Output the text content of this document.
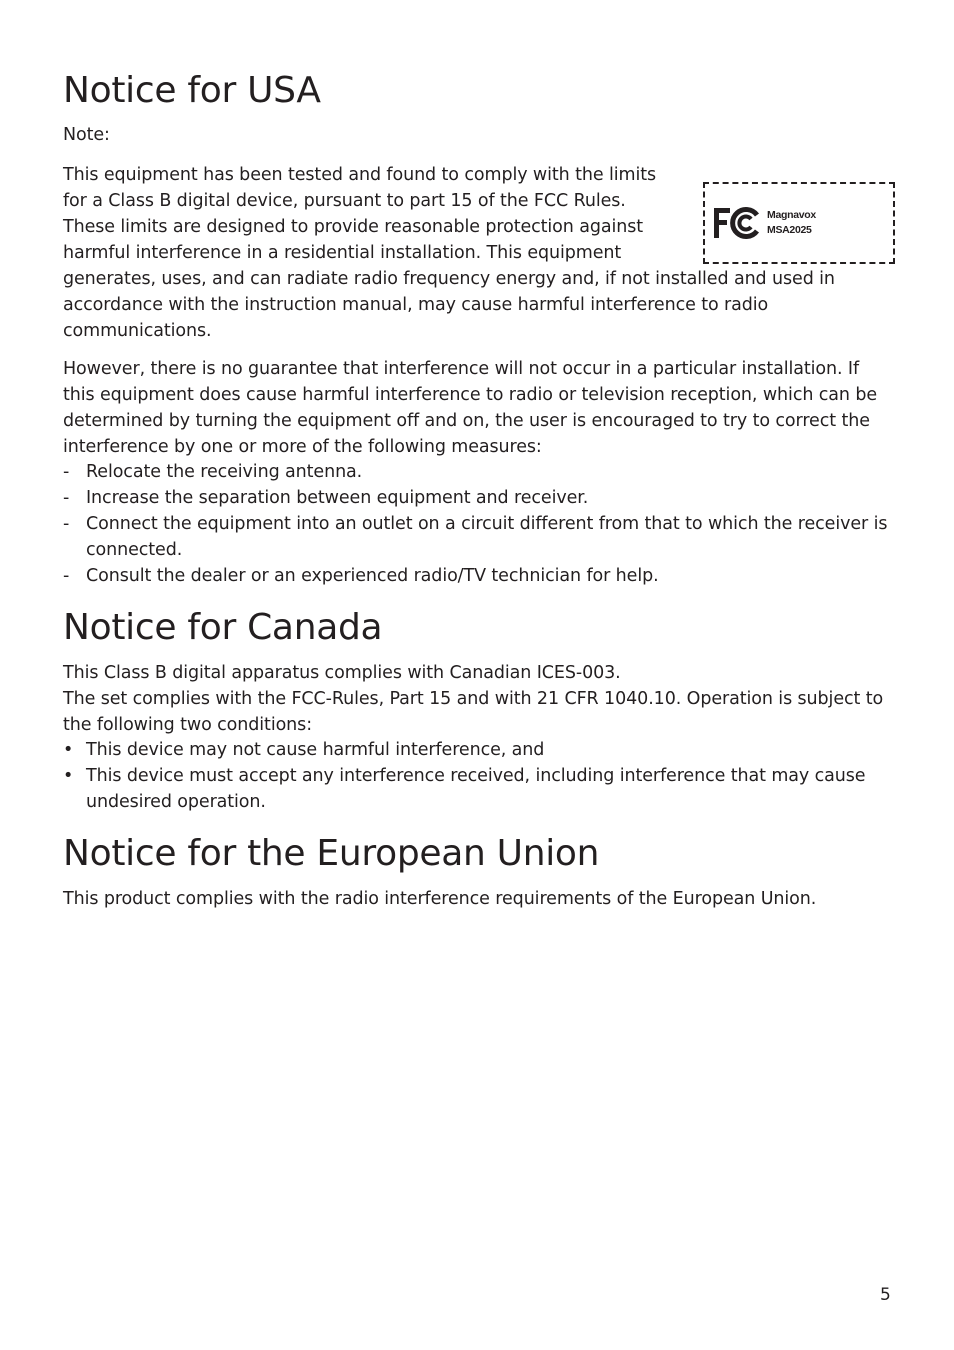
Notice for USA

Note:

Magnavox
MSA2025

This equipment has been tested and found to comply with the limits for a Class B digital device, pursuant to part 15 of the FCC Rules. These limits are designed to provide reasonable protection against harmful interference in a residential installation. This equipment generates, uses, and can radiate radio frequency energy and, if not installed and used in accordance with the instruction manual, may cause harmful interference to radio communications.

However, there is no guarantee that interference will not occur in a particular installation. If this equipment does cause harmful interference to radio or television reception, which can be determined by turning the equipment off and on, the user is encouraged to try to correct the interference by one or more of the following measures:

- Relocate the receiving antenna.
- Increase the separation between equipment and receiver.
- Connect the equipment into an outlet on a circuit different from that to which the receiver is connected.
- Consult the dealer or an experienced radio/TV technician for help.
Notice for Canada

This Class B digital apparatus complies with Canadian ICES-003.

The set complies with the FCC-Rules, Part 15 and with 21 CFR 1040.10. Operation is subject to the following two conditions:

• This device may not cause harmful interference, and
• This device must accept any interference received, including interference that may cause undesired operation.
Notice for the European Union

This product complies with the radio interference requirements of the European Union.

5
